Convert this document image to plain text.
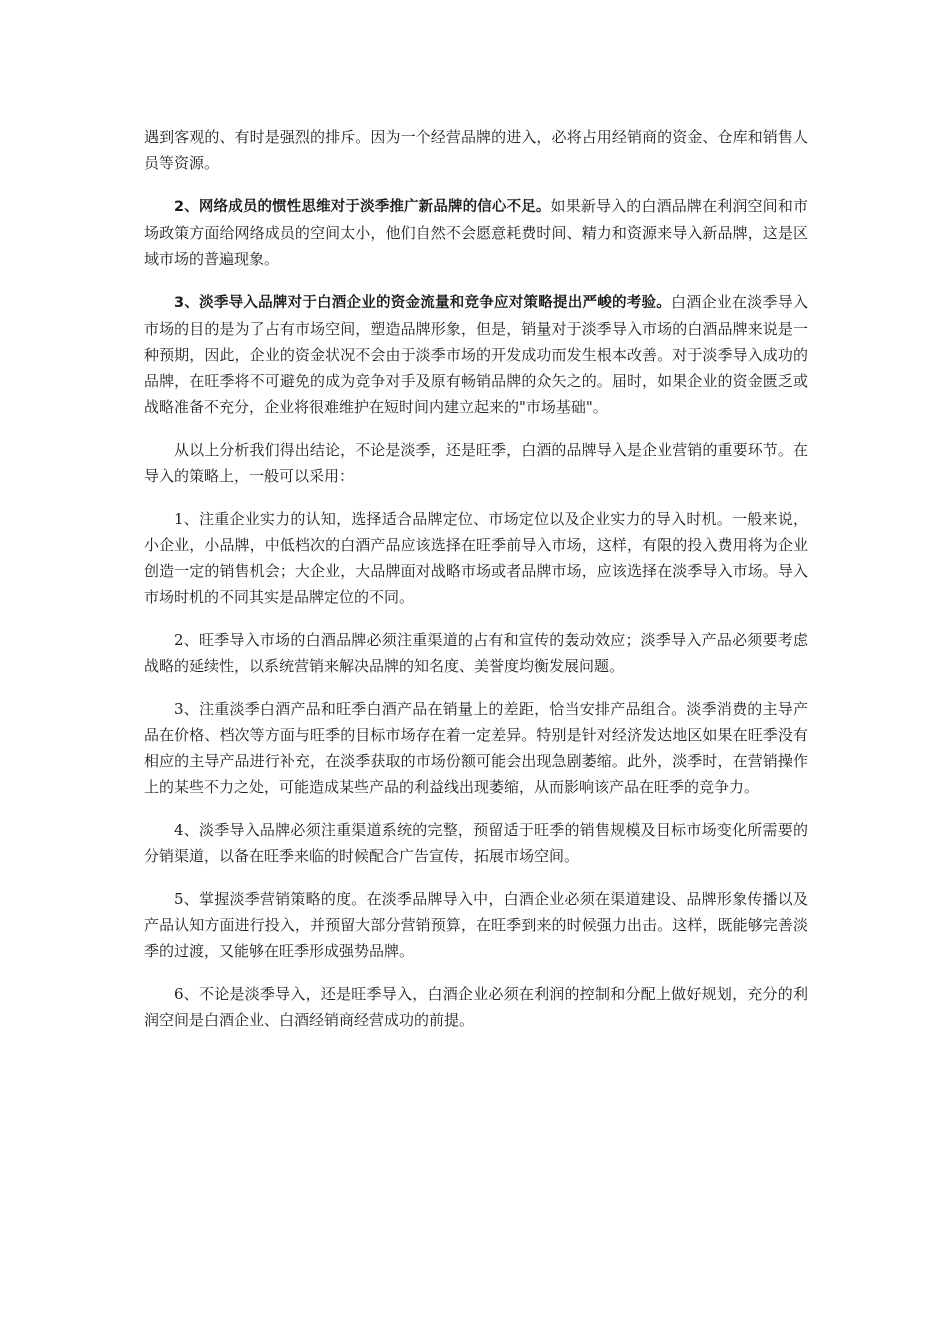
遇到客观的、有时是强烈的排斥。因为一个经营品牌的进入，必将占用经销商的资金、仓库和销售人员等资源。

2、网络成员的惯性思维对于淡季推广新品牌的信心不足。如果新导入的白酒品牌在利润空间和市场政策方面给网络成员的空间太小，他们自然不会愿意耗费时间、精力和资源来导入新品牌，这是区域市场的普遍现象。

3、淡季导入品牌对于白酒企业的资金流量和竞争应对策略提出严峻的考验。白酒企业在淡季导入市场的目的是为了占有市场空间，塑造品牌形象，但是，销量对于淡季导入市场的白酒品牌来说是一种预期，因此，企业的资金状况不会由于淡季市场的开发成功而发生根本改善。对于淡季导入成功的品牌，在旺季将不可避免的成为竞争对手及原有畅销品牌的众矢之的。届时，如果企业的资金匮乏或战略准备不充分，企业将很难维护在短时间内建立起来的"市场基础"。

从以上分析我们得出结论，不论是淡季，还是旺季，白酒的品牌导入是企业营销的重要环节。在导入的策略上，一般可以采用：

1、注重企业实力的认知，选择适合品牌定位、市场定位以及企业实力的导入时机。一般来说，小企业，小品牌，中低档次的白酒产品应该选择在旺季前导入市场，这样，有限的投入费用将为企业创造一定的销售机会；大企业，大品牌面对战略市场或者品牌市场，应该选择在淡季导入市场。导入市场时机的不同其实是品牌定位的不同。

2、旺季导入市场的白酒品牌必须注重渠道的占有和宣传的轰动效应；淡季导入产品必须要考虑战略的延续性，以系统营销来解决品牌的知名度、美誉度均衡发展问题。

3、注重淡季白酒产品和旺季白酒产品在销量上的差距，恰当安排产品组合。淡季消费的主导产品在价格、档次等方面与旺季的目标市场存在着一定差异。特别是针对经济发达地区如果在旺季没有相应的主导产品进行补充，在淡季获取的市场份额可能会出现急剧萎缩。此外，淡季时，在营销操作上的某些不力之处，可能造成某些产品的利益线出现萎缩，从而影响该产品在旺季的竞争力。

4、淡季导入品牌必须注重渠道系统的完整，预留适于旺季的销售规模及目标市场变化所需要的分销渠道，以备在旺季来临的时候配合广告宣传，拓展市场空间。

5、掌握淡季营销策略的度。在淡季品牌导入中，白酒企业必须在渠道建设、品牌形象传播以及产品认知方面进行投入，并预留大部分营销预算，在旺季到来的时候强力出击。这样，既能够完善淡季的过渡，又能够在旺季形成强势品牌。

6、不论是淡季导入，还是旺季导入，白酒企业必须在利润的控制和分配上做好规划，充分的利润空间是白酒企业、白酒经销商经营成功的前提。
